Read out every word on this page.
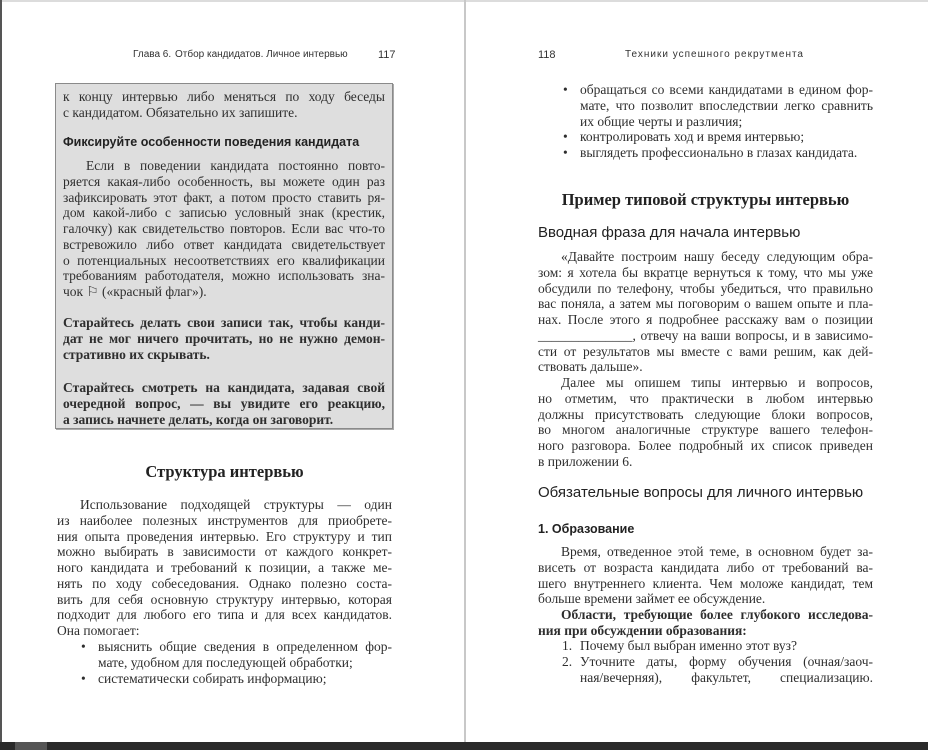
Глава 6. Отбор кандидатов. Личное интервью	117
к концу интервью либо меняться по ходу беседы
с кандидатом. Обязательно их запишите.
Фиксируйте особенности поведения кандидата
Если в поведении кандидата постоянно повто-
ряется какая-либо особенность, вы можете один раз
зафиксировать этот факт, а потом просто ставить ря-
дом какой-либо с записью условный знак (крестик,
галочку) как свидетельство повторов. Если вас что-то
встревожило либо ответ кандидата свидетельствует
о потенциальных несоответствиях его квалификации
требованиям работодателя, можно использовать зна-
чок ⚐ («красный флаг»).
Старайтесь делать свои записи так, чтобы канди-
дат не мог ничего прочитать, но не нужно демон-
стративно их скрывать.
Старайтесь смотреть на кандидата, задавая свой
очередной вопрос, — вы увидите его реакцию,
а запись начнете делать, когда он заговорит.
Структура интервью
Использование подходящей структуры — один
из наиболее полезных инструментов для приобрете-
ния опыта проведения интервью. Его структуру и тип
можно выбирать в зависимости от каждого конкрет-
ного кандидата и требований к позиции, а также ме-
нять по ходу собеседования. Однако полезно соста-
вить для себя основную структуру интервью, которая
подходит для любого его типа и для всех кандидатов.
Она помогает:
• выяснить общие сведения в определенном фор-
мате, удобном для последующей обработки;
• систематически собирать информацию;
118	Техники успешного рекрутмента
• обращаться со всеми кандидатами в едином фор-
мате, что позволит впоследствии легко сравнить
их общие черты и различия;
• контролировать ход и время интервью;
• выглядеть профессионально в глазах кандидата.
Пример типовой структуры интервью
Вводная фраза для начала интервью
«Давайте построим нашу беседу следующим обра-
зом: я хотела бы вкратце вернуться к тому, что мы уже
обсудили по телефону, чтобы убедиться, что правильно
вас поняла, а затем мы поговорим о вашем опыте и пла-
нах. После этого я подробнее расскажу вам о позиции
______________, отвечу на ваши вопросы, и в зависимо-
сти от результатов мы вместе с вами решим, как дей-
ствовать дальше».
Далее мы опишем типы интервью и вопросов,
но отметим, что практически в любом интервью
должны присутствовать следующие блоки вопросов,
во многом аналогичные структуре вашего телефон-
ного разговора. Более подробный их список приведен
в приложении 6.
Обязательные вопросы для личного интервью
1. Образование
Время, отведенное этой теме, в основном будет за-
висеть от возраста кандидата либо от требований ва-
шего внутреннего клиента. Чем моложе кандидат, тем
больше времени займет ее обсуждение.
Области, требующие более глубокого исследова-
ния при обсуждении образования:
1. Почему был выбран именно этот вуз?
2. Уточните даты, форму обучения (очная/заоч-
ная/вечерняя), факультет, специализацию.
